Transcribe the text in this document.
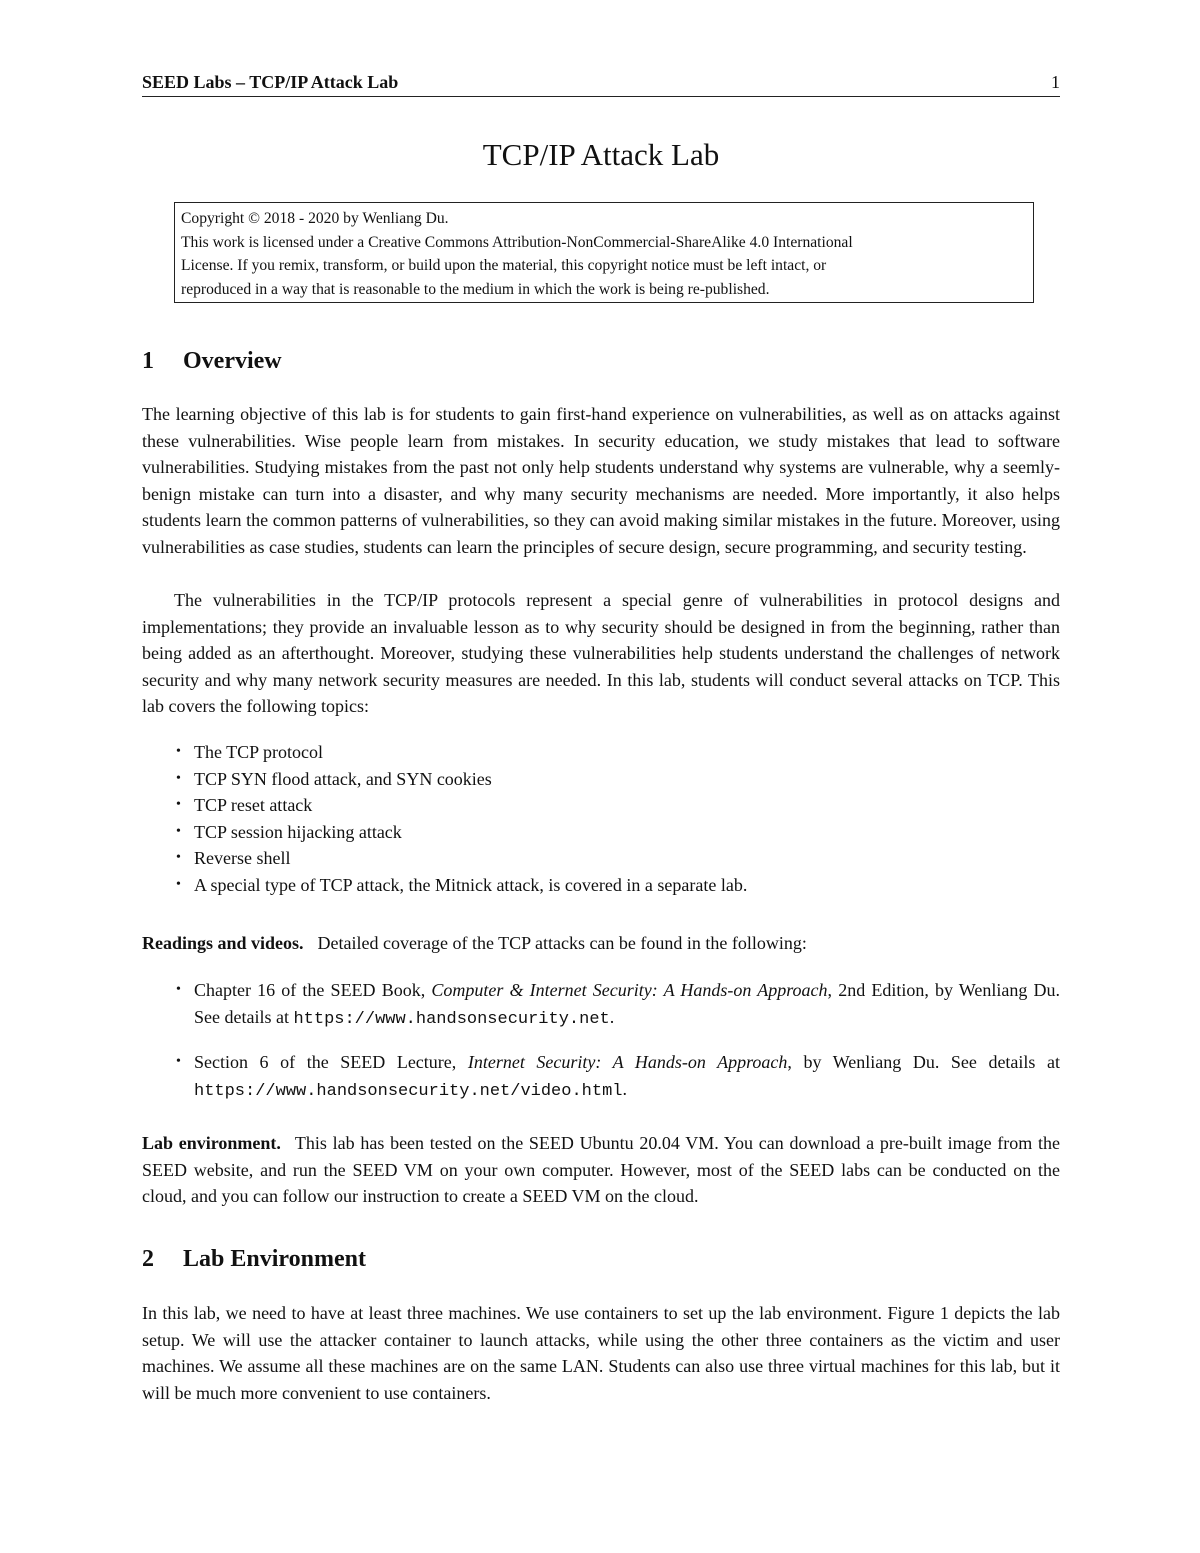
SEED Labs – TCP/IP Attack Lab	1
TCP/IP Attack Lab
Copyright © 2018 - 2020 by Wenliang Du.
This work is licensed under a Creative Commons Attribution-NonCommercial-ShareAlike 4.0 International
License. If you remix, transform, or build upon the material, this copyright notice must be left intact, or
reproduced in a way that is reasonable to the medium in which the work is being re-published.
1 Overview
The learning objective of this lab is for students to gain first-hand experience on vulnerabilities, as well as on attacks against these vulnerabilities. Wise people learn from mistakes. In security education, we study mistakes that lead to software vulnerabilities. Studying mistakes from the past not only help students understand why systems are vulnerable, why a seemly-benign mistake can turn into a disaster, and why many security mechanisms are needed. More importantly, it also helps students learn the common patterns of vulnerabilities, so they can avoid making similar mistakes in the future. Moreover, using vulnerabilities as case studies, students can learn the principles of secure design, secure programming, and security testing.
The vulnerabilities in the TCP/IP protocols represent a special genre of vulnerabilities in protocol designs and implementations; they provide an invaluable lesson as to why security should be designed in from the beginning, rather than being added as an afterthought. Moreover, studying these vulnerabilities help students understand the challenges of network security and why many network security measures are needed. In this lab, students will conduct several attacks on TCP. This lab covers the following topics:
• The TCP protocol
• TCP SYN flood attack, and SYN cookies
• TCP reset attack
• TCP session hijacking attack
• Reverse shell
• A special type of TCP attack, the Mitnick attack, is covered in a separate lab.
Readings and videos. Detailed coverage of the TCP attacks can be found in the following:
• Chapter 16 of the SEED Book, Computer & Internet Security: A Hands-on Approach, 2nd Edition, by Wenliang Du. See details at https://www.handsonsecurity.net.
• Section 6 of the SEED Lecture, Internet Security: A Hands-on Approach, by Wenliang Du. See details at https://www.handsonsecurity.net/video.html.
Lab environment. This lab has been tested on the SEED Ubuntu 20.04 VM. You can download a pre-built image from the SEED website, and run the SEED VM on your own computer. However, most of the SEED labs can be conducted on the cloud, and you can follow our instruction to create a SEED VM on the cloud.
2 Lab Environment
In this lab, we need to have at least three machines. We use containers to set up the lab environment. Figure 1 depicts the lab setup. We will use the attacker container to launch attacks, while using the other three containers as the victim and user machines. We assume all these machines are on the same LAN. Students can also use three virtual machines for this lab, but it will be much more convenient to use containers.
